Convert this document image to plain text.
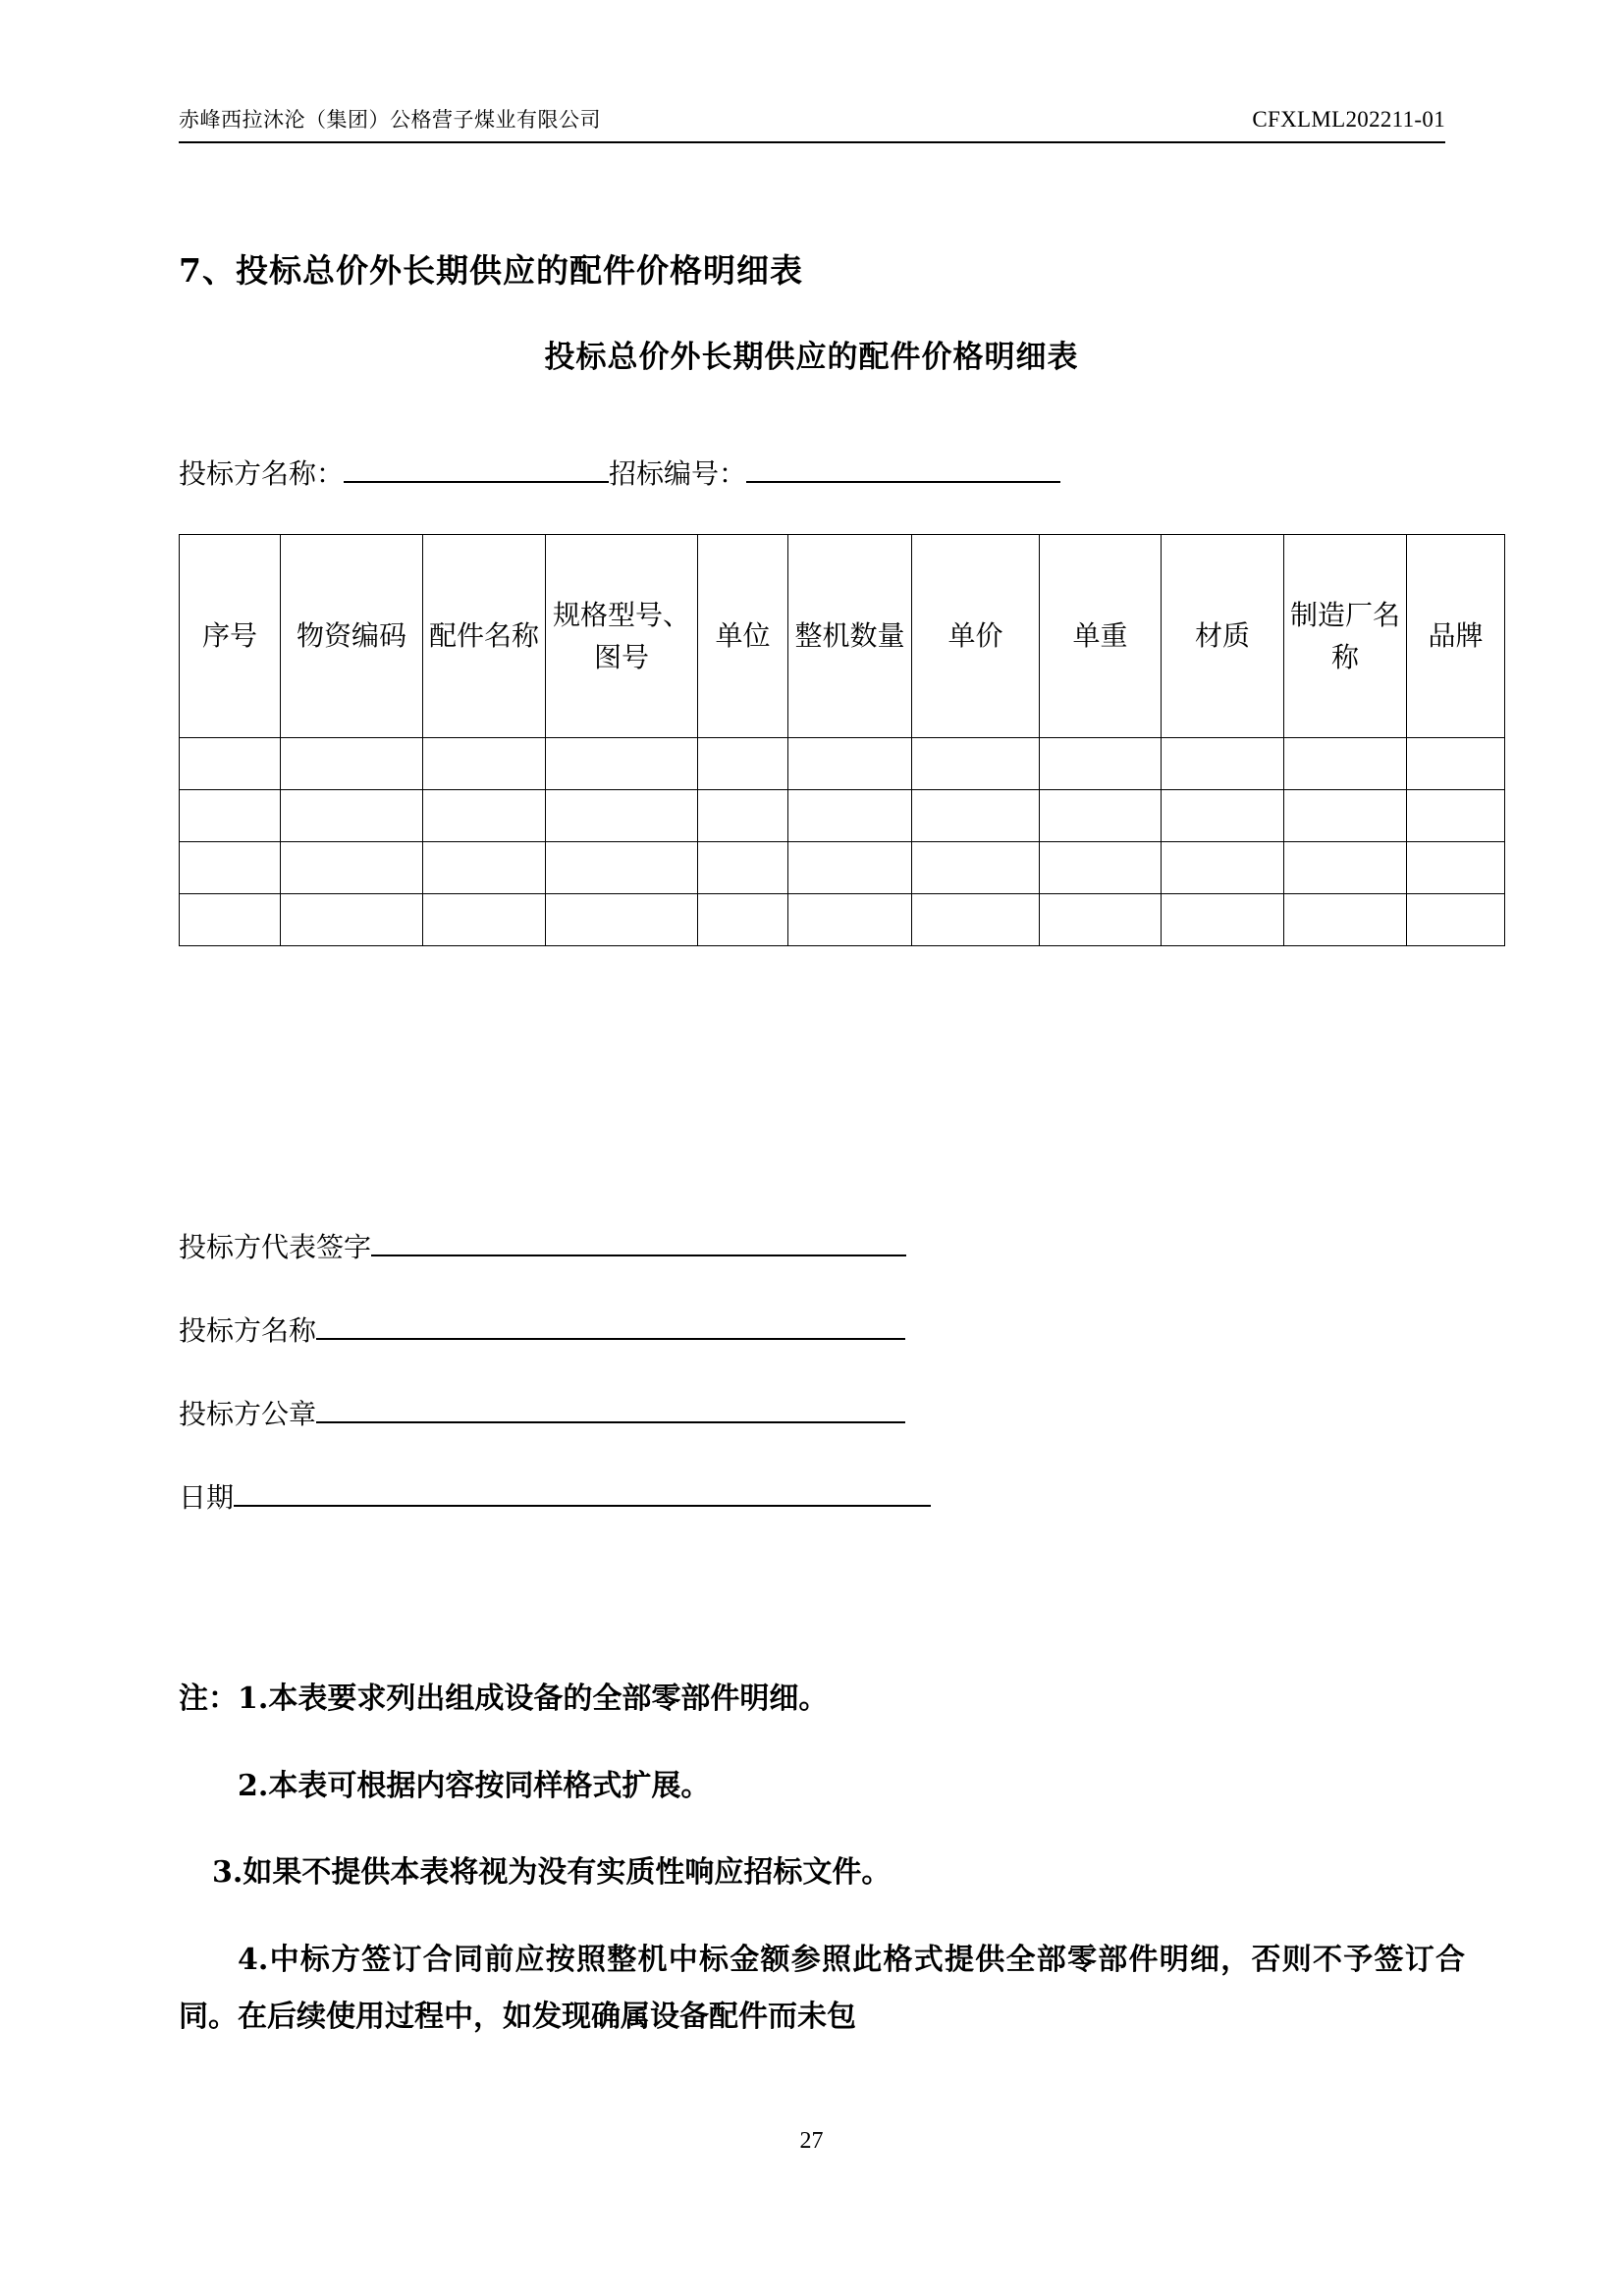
赤峰西拉沐沦（集团）公格营子煤业有限公司	CFXLML202211-01
7、投标总价外长期供应的配件价格明细表
投标总价外长期供应的配件价格明细表
投标方名称：	招标编号：
序号	物资编码	配件名称	规格型号、图号	单位	整机数量	单价	单重	材质	制造厂名称	品牌

投标方代表签字
投标方名称
投标方公章
日期

注：1.本表要求列出组成设备的全部零部件明细。

2.本表可根据内容按同样格式扩展。

3.如果不提供本表将视为没有实质性响应招标文件。

4.中标方签订合同前应按照整机中标金额参照此格式提供全部零部件明细，否则不予签订合同。在后续使用过程中，如发现确属设备配件而未包

27
